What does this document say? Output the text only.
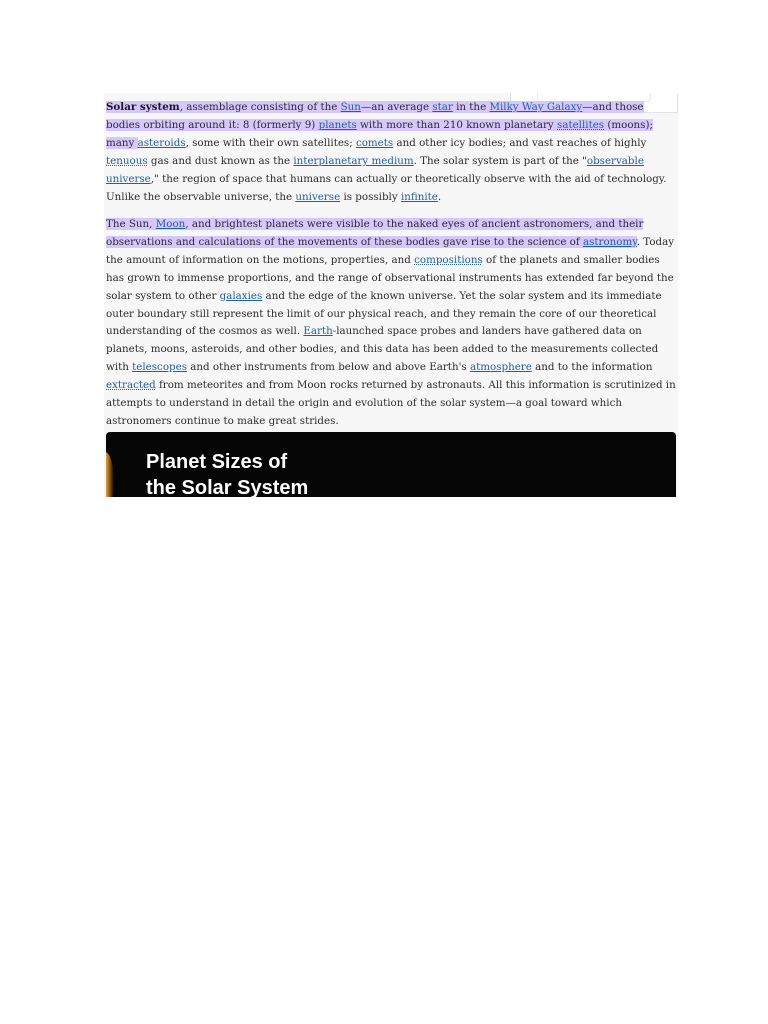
Solar system, assemblage consisting of the Sun—an average star in the Milky Way Galaxy—and those bodies orbiting around it: 8 (formerly 9) planets with more than 210 known planetary satellites (moons); many asteroids, some with their own satellites; comets and other icy bodies; and vast reaches of highly tenuous gas and dust known as the interplanetary medium. The solar system is part of the "observable universe," the region of space that humans can actually or theoretically observe with the aid of technology. Unlike the observable universe, the universe is possibly infinite.

The Sun, Moon, and brightest planets were visible to the naked eyes of ancient astronomers, and their observations and calculations of the movements of these bodies gave rise to the science of astronomy. Today the amount of information on the motions, properties, and compositions of the planets and smaller bodies has grown to immense proportions, and the range of observational instruments has extended far beyond the solar system to other galaxies and the edge of the known universe. Yet the solar system and its immediate outer boundary still represent the limit of our physical reach, and they remain the core of our theoretical understanding of the cosmos as well. Earth-launched space probes and landers have gathered data on planets, moons, asteroids, and other bodies, and this data has been added to the measurements collected with telescopes and other instruments from below and above Earth's atmosphere and to the information extracted from meteorites and from Moon rocks returned by astronauts. All this information is scrutinized in attempts to understand in detail the origin and evolution of the solar system—a goal toward which astronomers continue to make great strides.

Planet Sizes of
the Solar System
